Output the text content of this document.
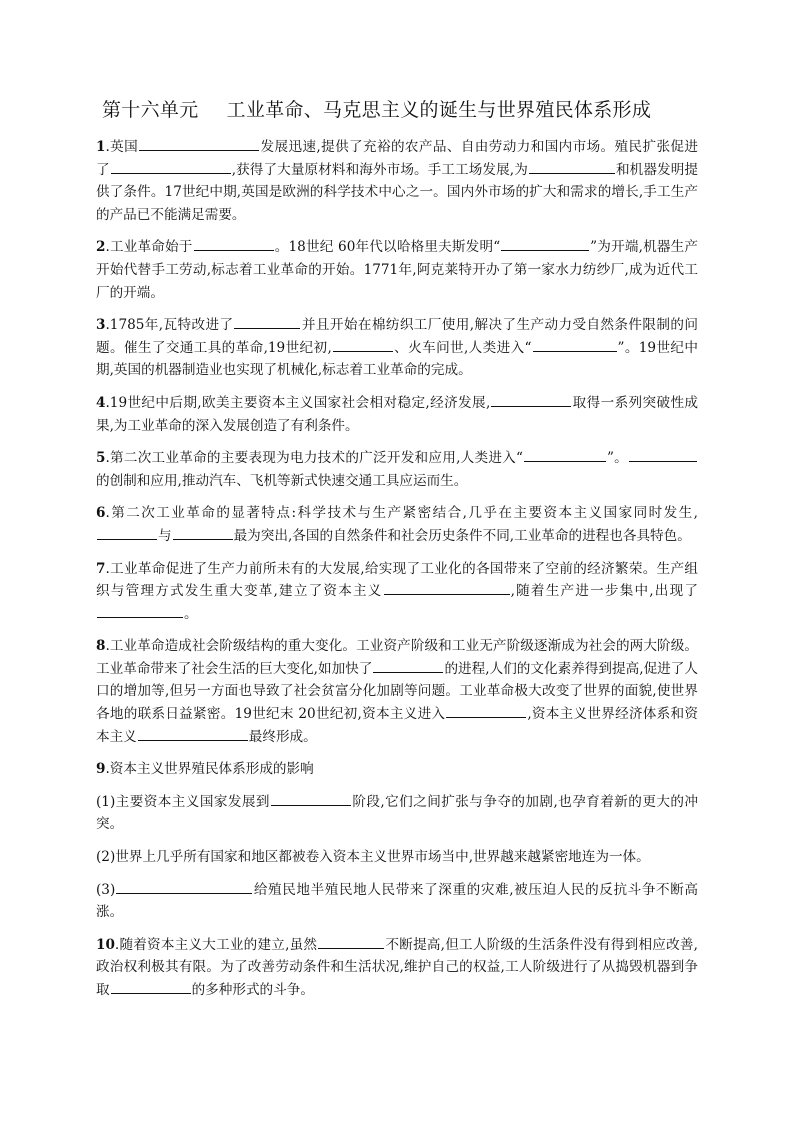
第十六单元 工业革命、马克思主义的诞生与世界殖民体系形成

1.英国	发展迅速,提供了充裕的农产品、自由劳动力和国内市场。殖民扩张促进了	,获得了大量原材料和海外市场。手工工场发展,为	和机器发明提供了条件。17世纪中期,英国是欧洲的科学技术中心之一。国内外市场的扩大和需求的增长,手工生产的产品已不能满足需要。

2.工业革命始于	。18世纪 60年代以哈格里夫斯发明“	”为开端,机器生产开始代替手工劳动,标志着工业革命的开始。1771年,阿克莱特开办了第一家水力纺纱厂,成为近代工厂的开端。

3.1785年,瓦特改进了	并且开始在棉纺织工厂使用,解决了生产动力受自然条件限制的问题。催生了交通工具的革命,19世纪初,	、火车问世,人类进入“	”。19世纪中期,英国的机器制造业也实现了机械化,标志着工业革命的完成。

4.19世纪中后期,欧美主要资本主义国家社会相对稳定,经济发展,	取得一系列突破性成果,为工业革命的深入发展创造了有利条件。

5.第二次工业革命的主要表现为电力技术的广泛开发和应用,人类进入“	”。的创制和应用,推动汽车、飞机等新式快速交通工具应运而生。

6.第二次工业革命的显著特点:科学技术与生产紧密结合,几乎在主要资本主义国家同时发生,与	最为突出,各国的自然条件和社会历史条件不同,工业革命的进程也各具特色。

7.工业革命促进了生产力前所未有的大发展,给实现了工业化的各国带来了空前的经济繁荣。生产组织与管理方式发生重大变革,建立了资本主义	,随着生产进一步集中,出现了。

8.工业革命造成社会阶级结构的重大变化。工业资产阶级和工业无产阶级逐渐成为社会的两大阶级。工业革命带来了社会生活的巨大变化,如加快了	的进程,人们的文化素养得到提高,促进了人口的增加等,但另一方面也导致了社会贫富分化加剧等问题。工业革命极大改变了世界的面貌,使世界各地的联系日益紧密。19世纪末 20世纪初,资本主义进入	,资本主义世界经济体系和资本主义	最终形成。

9.资本主义世界殖民体系形成的影响

(1)主要资本主义国家发展到	阶段,它们之间扩张与争夺的加剧,也孕育着新的更大的冲突。

(2)世界上几乎所有国家和地区都被卷入资本主义世界市场当中,世界越来越紧密地连为一体。

(3)	给殖民地半殖民地人民带来了深重的灾难,被压迫人民的反抗斗争不断高涨。

10.随着资本主义大工业的建立,虽然	不断提高,但工人阶级的生活条件没有得到相应改善,政治权利极其有限。为了改善劳动条件和生活状况,维护自己的权益,工人阶级进行了从捣毁机器到争取	的多种形式的斗争。
